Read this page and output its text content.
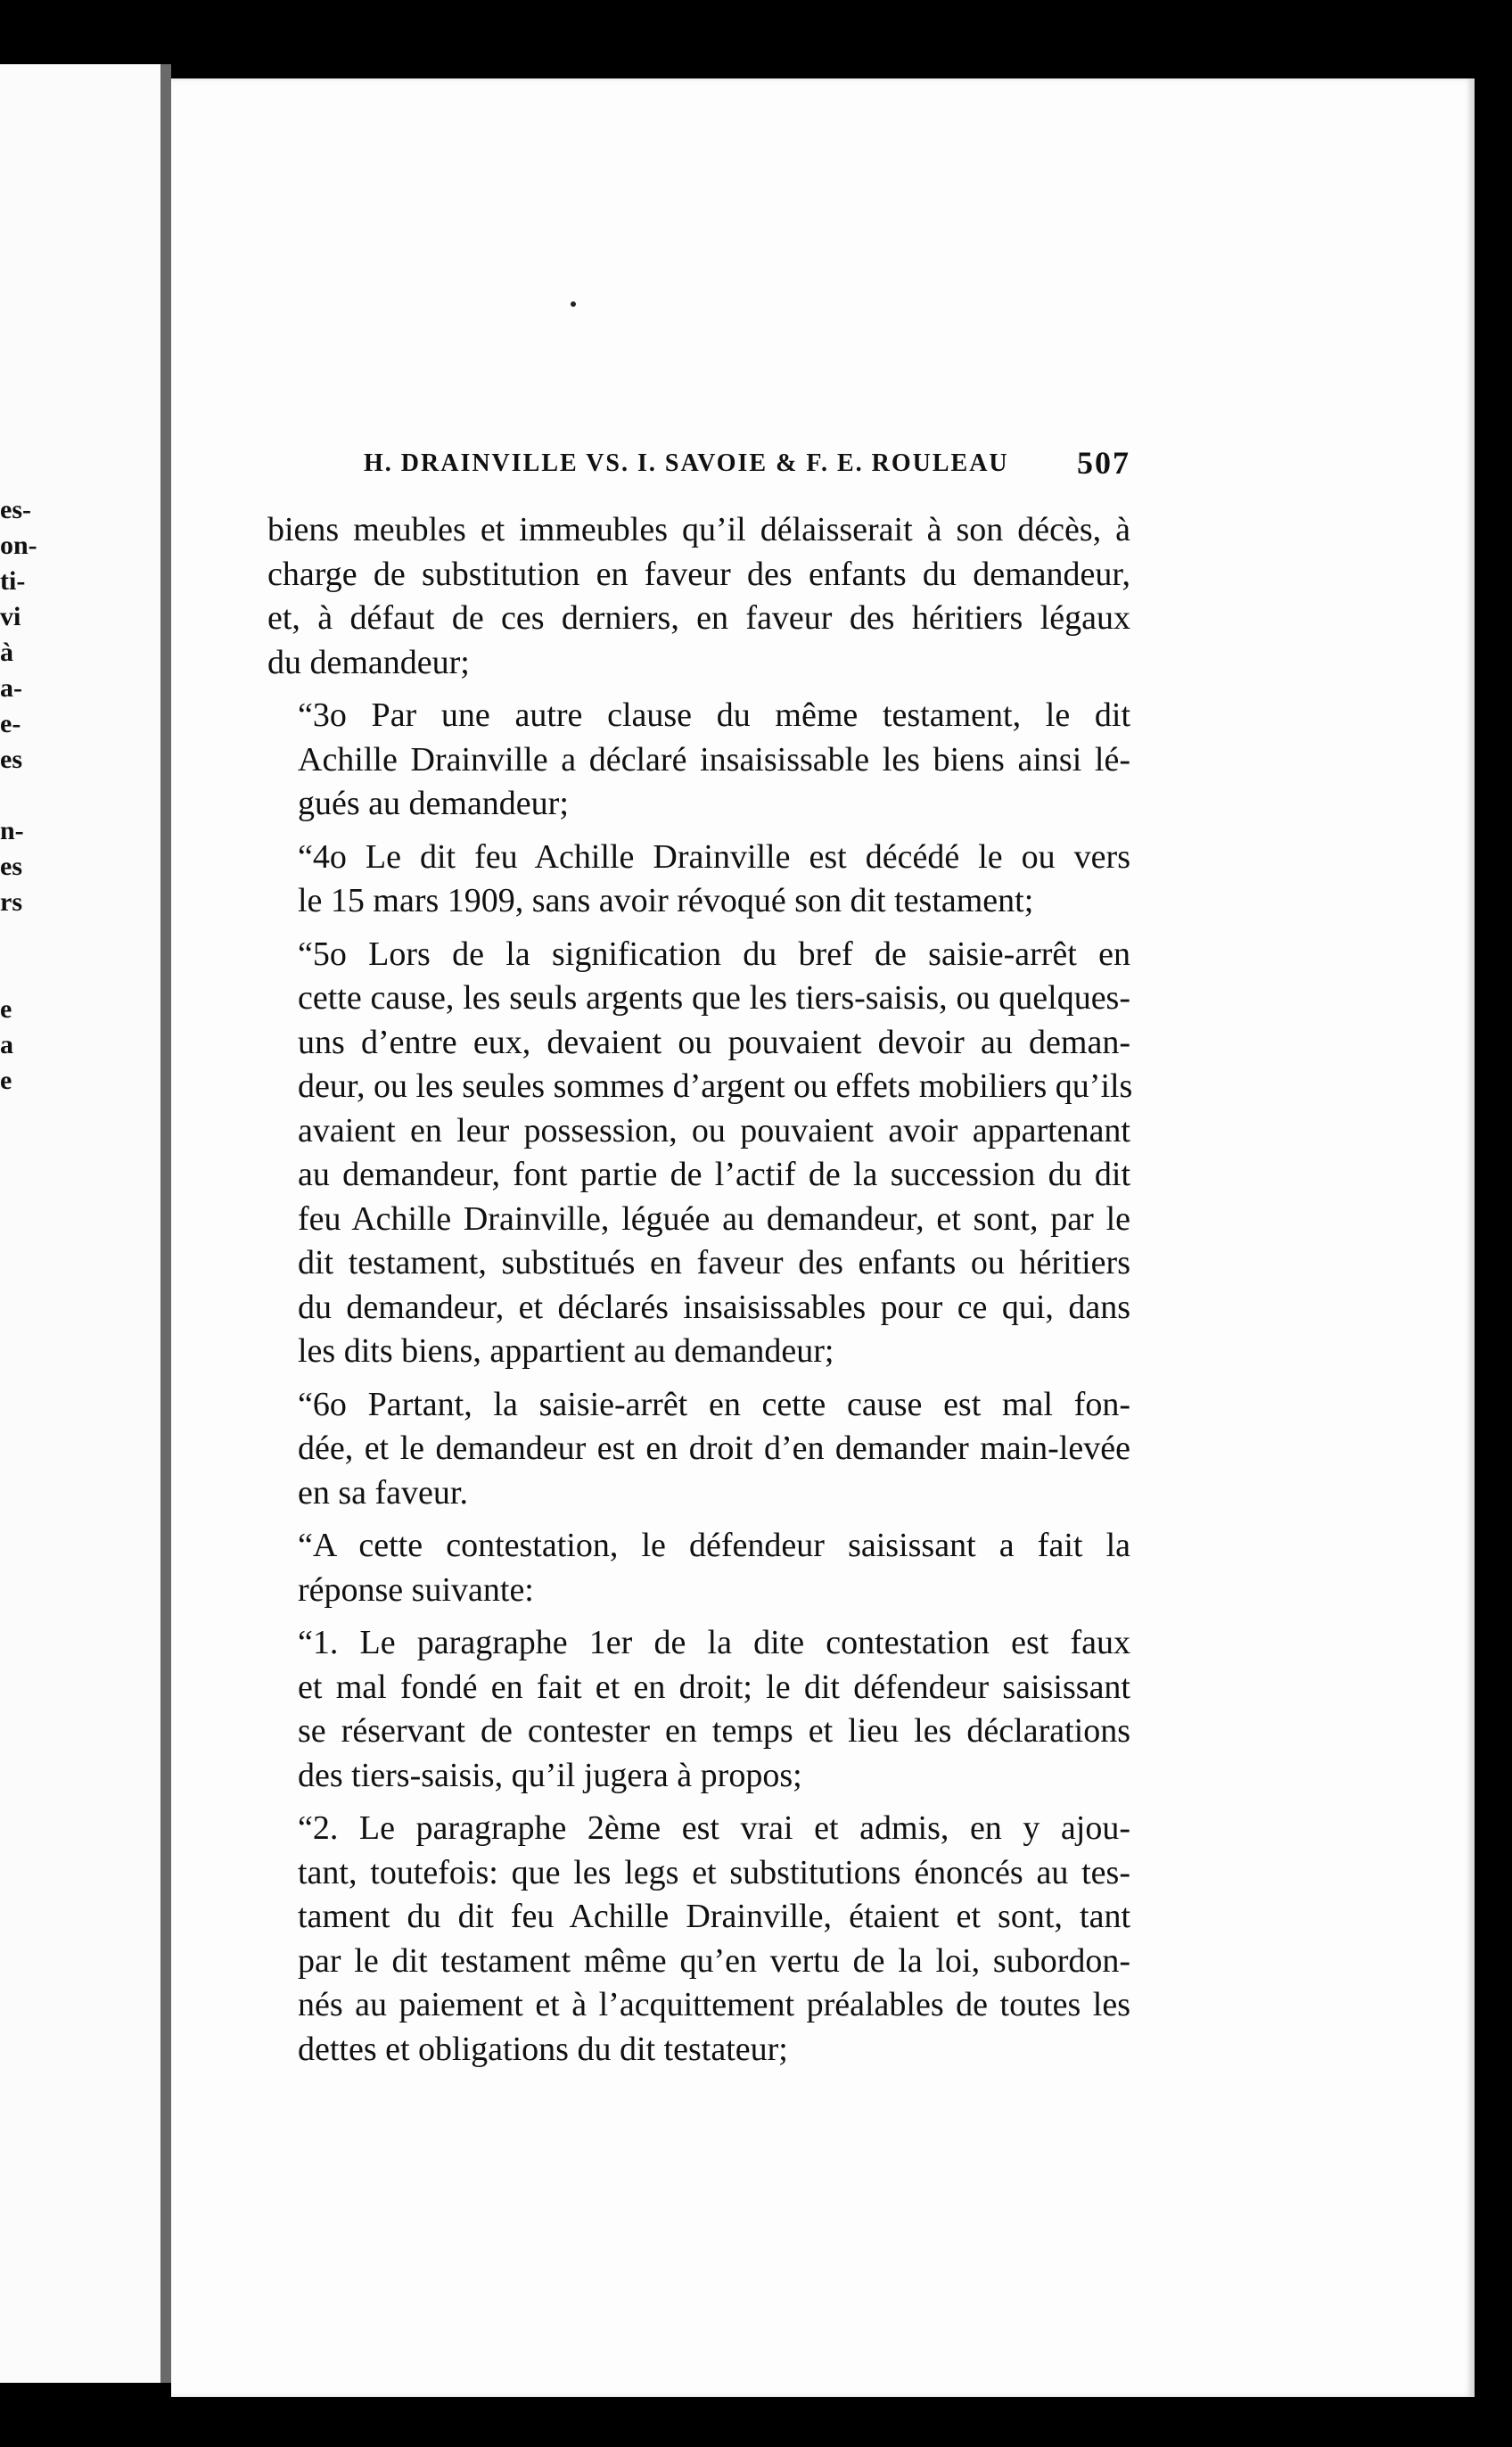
es-
on-
ti-
vi
à
a-
e-
es
n-
es
rs
e
a
e
H. DRAINVILLE VS. I. SAVOIE & F. E. ROULEAU 507
biens meubles et immeubles qu’il délaisserait à son décès, à
charge de substitution en faveur des enfants du demandeur,
et, à défaut de ces derniers, en faveur des héritiers légaux
du demandeur;
“3o Par une autre clause du même testament, le dit
Achille Drainville a déclaré insaisissable les biens ainsi lé-
gués au demandeur;
“4o Le dit feu Achille Drainville est décédé le ou vers
le 15 mars 1909, sans avoir révoqué son dit testament;
“5o Lors de la signification du bref de saisie-arrêt en
cette cause, les seuls argents que les tiers-saisis, ou quelques-
uns d’entre eux, devaient ou pouvaient devoir au deman-
deur, ou les seules sommes d’argent ou effets mobiliers qu’ils
avaient en leur possession, ou pouvaient avoir appartenant
au demandeur, font partie de l’actif de la succession du dit
feu Achille Drainville, léguée au demandeur, et sont, par le
dit testament, substitués en faveur des enfants ou héritiers
du demandeur, et déclarés insaisissables pour ce qui, dans
les dits biens, appartient au demandeur;
“6o Partant, la saisie-arrêt en cette cause est mal fon-
dée, et le demandeur est en droit d’en demander main-levée
en sa faveur.
“A cette contestation, le défendeur saisissant a fait la
réponse suivante:
“1. Le paragraphe 1er de la dite contestation est faux
et mal fondé en fait et en droit; le dit défendeur saisissant
se réservant de contester en temps et lieu les déclarations
des tiers-saisis, qu’il jugera à propos;
“2. Le paragraphe 2ème est vrai et admis, en y ajou-
tant, toutefois: que les legs et substitutions énoncés au tes-
tament du dit feu Achille Drainville, étaient et sont, tant
par le dit testament même qu’en vertu de la loi, subordon-
nés au paiement et à l’acquittement préalables de toutes les
dettes et obligations du dit testateur;
